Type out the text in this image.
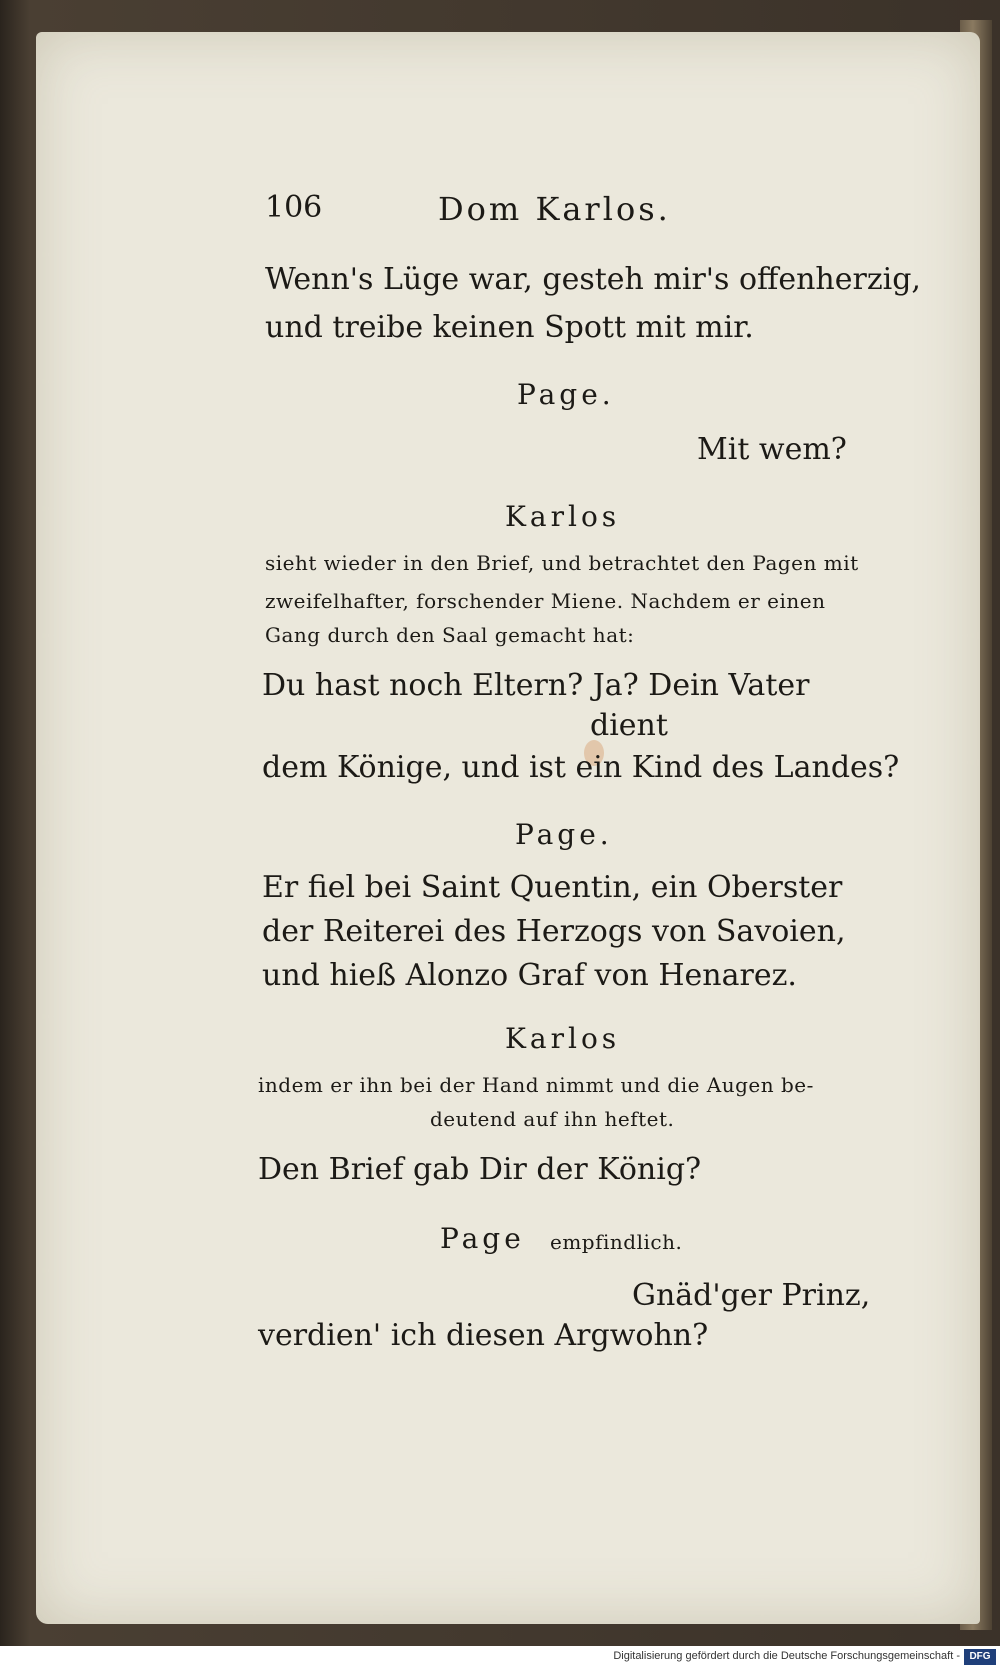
106	Dom Karlos.
Wenn's Lüge war, gesteh mir's offenherzig,
und treibe keinen Spott mit mir.
Page.
Mit wem?
Karlos
sieht wieder in den Brief, und betrachtet den Pagen mit
zweifelhafter, forschender Miene. Nachdem er einen
Gang durch den Saal gemacht hat:
Du hast noch Eltern? Ja? Dein Vater
dient
dem Könige, und ist ein Kind des Landes?
Page.
Er fiel bei Saint Quentin, ein Oberster
der Reiterei des Herzogs von Savoien,
und hieß Alonzo Graf von Henarez.
Karlos
indem er ihn bei der Hand nimmt und die Augen be-
deutend auf ihn heftet.
Den Brief gab Dir der König?
Page empfindlich.
Gnäd'ger Prinz,
verdien' ich diesen Argwohn?
Digitalisierung gefördert durch die Deutsche Forschungsgemeinschaft - DFG
